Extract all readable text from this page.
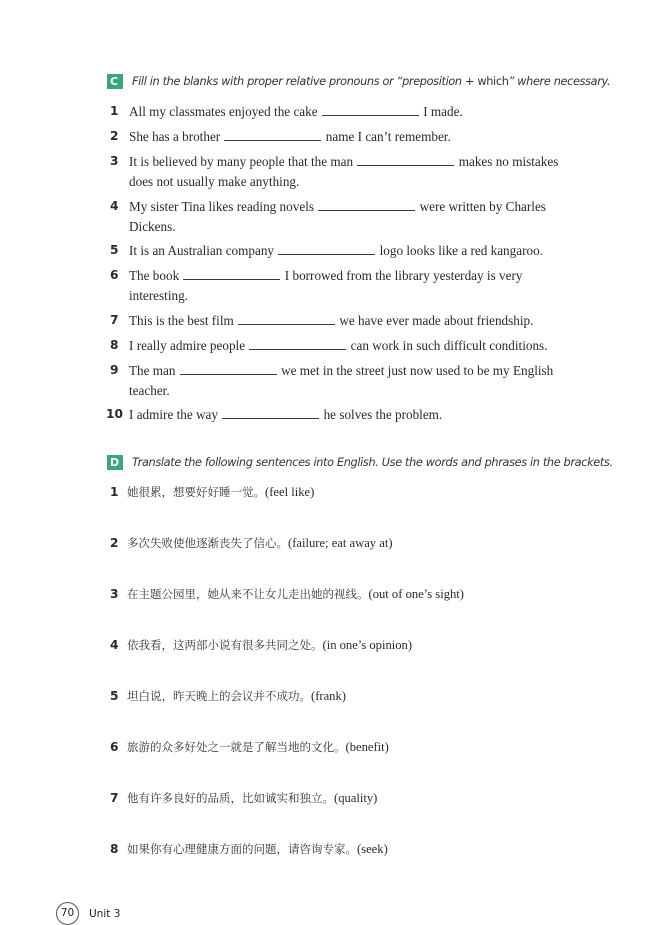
C	Fill in the blanks with proper relative pronouns or “preposition + which” where necessary.
1 All my classmates enjoyed the cake	I made.
2 She has a brother	name I can’t remember.
3 It is believed by many people that the man	makes no mistakes does not usually make anything.
4 My sister Tina likes reading novels	were written by Charles Dickens.
5 It is an Australian company	logo looks like a red kangaroo.
6 The book	I borrowed from the library yesterday is very interesting.
7 This is the best film	we have ever made about friendship.
8 I really admire people	can work in such difficult conditions.
9 The man	we met in the street just now used to be my English teacher.
10 I admire the way	he solves the problem.
D	Translate the following sentences into English. Use the words and phrases in the brackets.
1 她很累，想要好好睡一觉。(feel like)
2 多次失败使他逐渐丧失了信心。(failure; eat away at)
3 在主题公园里，她从来不让女儿走出她的视线。(out of one’s sight)
4 依我看，这两部小说有很多共同之处。(in one’s opinion)
5 坦白说，昨天晚上的会议并不成功。(frank)
6 旅游的众多好处之一就是了解当地的文化。(benefit)
7 他有许多良好的品质，比如诚实和独立。(quality)
8 如果你有心理健康方面的问题，请咨询专家。(seek)
70	Unit 3
